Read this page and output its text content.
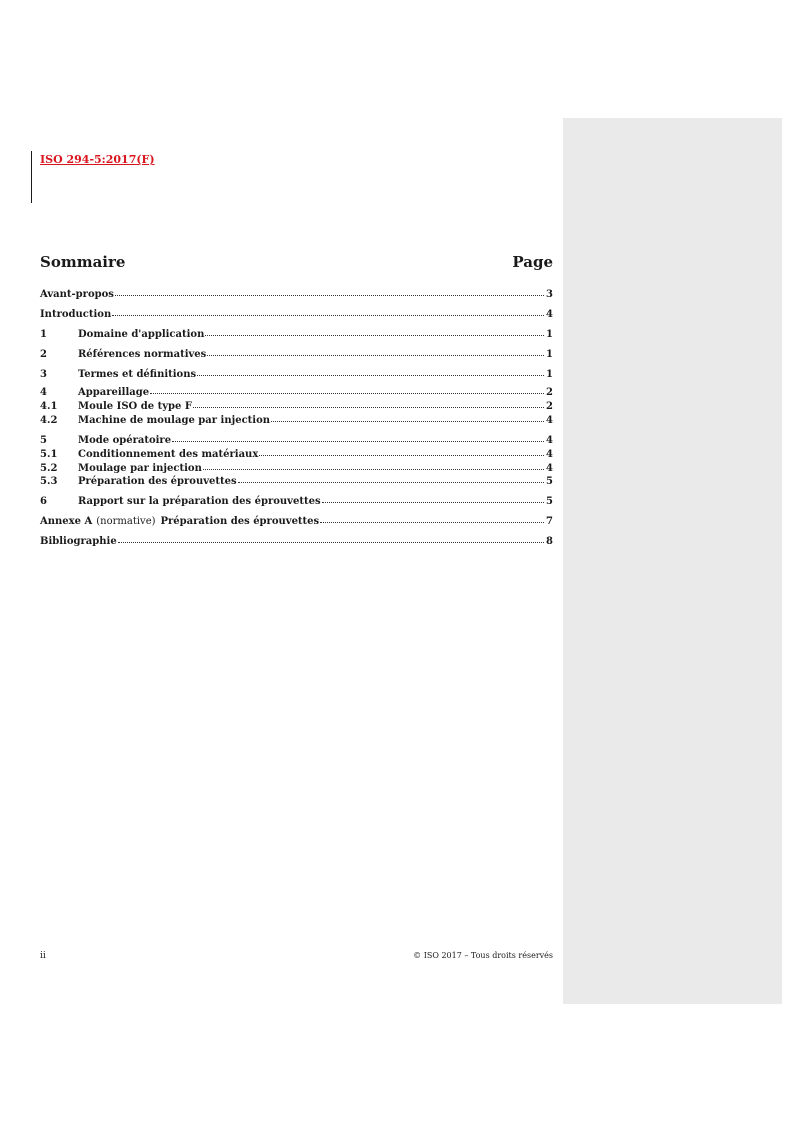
ISO 294-5:2017(F)
Sommaire	Page
Avant-propos	3
Introduction	4
1	Domaine d'application	1
2	Références normatives	1
3	Termes et définitions	1
4	Appareillage	2
4.1	Moule ISO de type F	2
4.2	Machine de moulage par injection	4
5	Mode opératoire	4
5.1	Conditionnement des matériaux	4
5.2	Moulage par injection	4
5.3	Préparation des éprouvettes	5
6	Rapport sur la préparation des éprouvettes	5
Annexe A (normative) Préparation des éprouvettes	7
Bibliographie	8
ii	© ISO 2017 – Tous droits réservés
